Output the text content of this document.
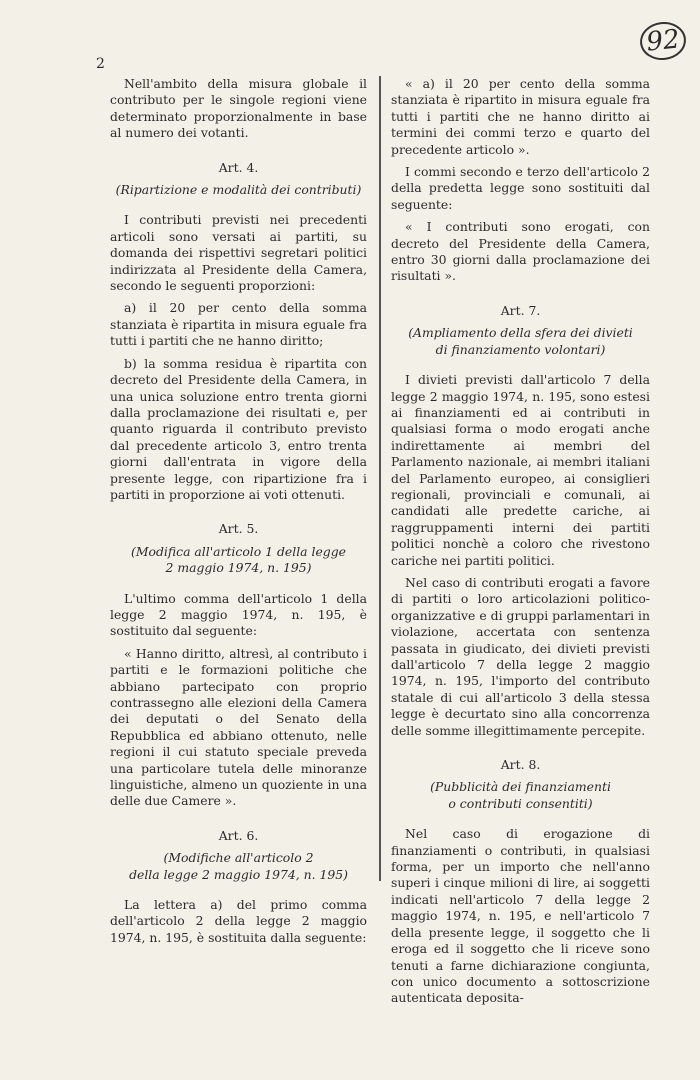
2
92

Nell'ambito della misura globale il contributo per le singole regioni viene determinato proporzionalmente in base al numero dei votanti.

Art. 4.
(Ripartizione e modalità dei contributi)

I contributi previsti nei precedenti articoli sono versati ai partiti, su domanda dei rispettivi segretari politici indirizzata al Presidente della Camera, secondo le seguenti proporzioni:

a) il 20 per cento della somma stanziata è ripartita in misura eguale fra tutti i partiti che ne hanno diritto;

b) la somma residua è ripartita con decreto del Presidente della Camera, in una unica soluzione entro trenta giorni dalla proclamazione dei risultati e, per quanto riguarda il contributo previsto dal precedente articolo 3, entro trenta giorni dall'entrata in vigore della presente legge, con ripartizione fra i partiti in proporzione ai voti ottenuti.

Art. 5.
(Modifica all'articolo 1 della legge
2 maggio 1974, n. 195)

L'ultimo comma dell'articolo 1 della legge 2 maggio 1974, n. 195, è sostituito dal seguente:

« Hanno diritto, altresì, al contributo i partiti e le formazioni politiche che abbiano partecipato con proprio contrassegno alle elezioni della Camera dei deputati o del Senato della Repubblica ed abbiano ottenuto, nelle regioni il cui statuto speciale preveda una particolare tutela delle minoranze linguistiche, almeno un quoziente in una delle due Camere ».

Art. 6.
(Modifiche all'articolo 2
della legge 2 maggio 1974, n. 195)

La lettera a) del primo comma dell'articolo 2 della legge 2 maggio 1974, n. 195, è sostituita dalla seguente:

« a) il 20 per cento della somma stanziata è ripartito in misura eguale fra tutti i partiti che ne hanno diritto ai termini dei commi terzo e quarto del precedente articolo ».

I commi secondo e terzo dell'articolo 2 della predetta legge sono sostituiti dal seguente:

« I contributi sono erogati, con decreto del Presidente della Camera, entro 30 giorni dalla proclamazione dei risultati ».

Art. 7.
(Ampliamento della sfera dei divieti
di finanziamento volontari)

I divieti previsti dall'articolo 7 della legge 2 maggio 1974, n. 195, sono estesi ai finanziamenti ed ai contributi in qualsiasi forma o modo erogati anche indirettamente ai membri del Parlamento nazionale, ai membri italiani del Parlamento europeo, ai consiglieri regionali, provinciali e comunali, ai candidati alle predette cariche, ai raggruppamenti interni dei partiti politici nonchè a coloro che rivestono cariche nei partiti politici.

Nel caso di contributi erogati a favore di partiti o loro articolazioni politico-organizzative e di gruppi parlamentari in violazione, accertata con sentenza passata in giudicato, dei divieti previsti dall'articolo 7 della legge 2 maggio 1974, n. 195, l'importo del contributo statale di cui all'articolo 3 della stessa legge è decurtato sino alla concorrenza delle somme illegittimamente percepite.

Art. 8.
(Pubblicità dei finanziamenti
o contributi consentiti)

Nel caso di erogazione di finanziamenti o contributi, in qualsiasi forma, per un importo che nell'anno superi i cinque milioni di lire, ai soggetti indicati nell'articolo 7 della legge 2 maggio 1974, n. 195, e nell'articolo 7 della presente legge, il soggetto che li eroga ed il soggetto che li riceve sono tenuti a farne dichiarazione congiunta, con unico documento a sottoscrizione autenticata deposita-
